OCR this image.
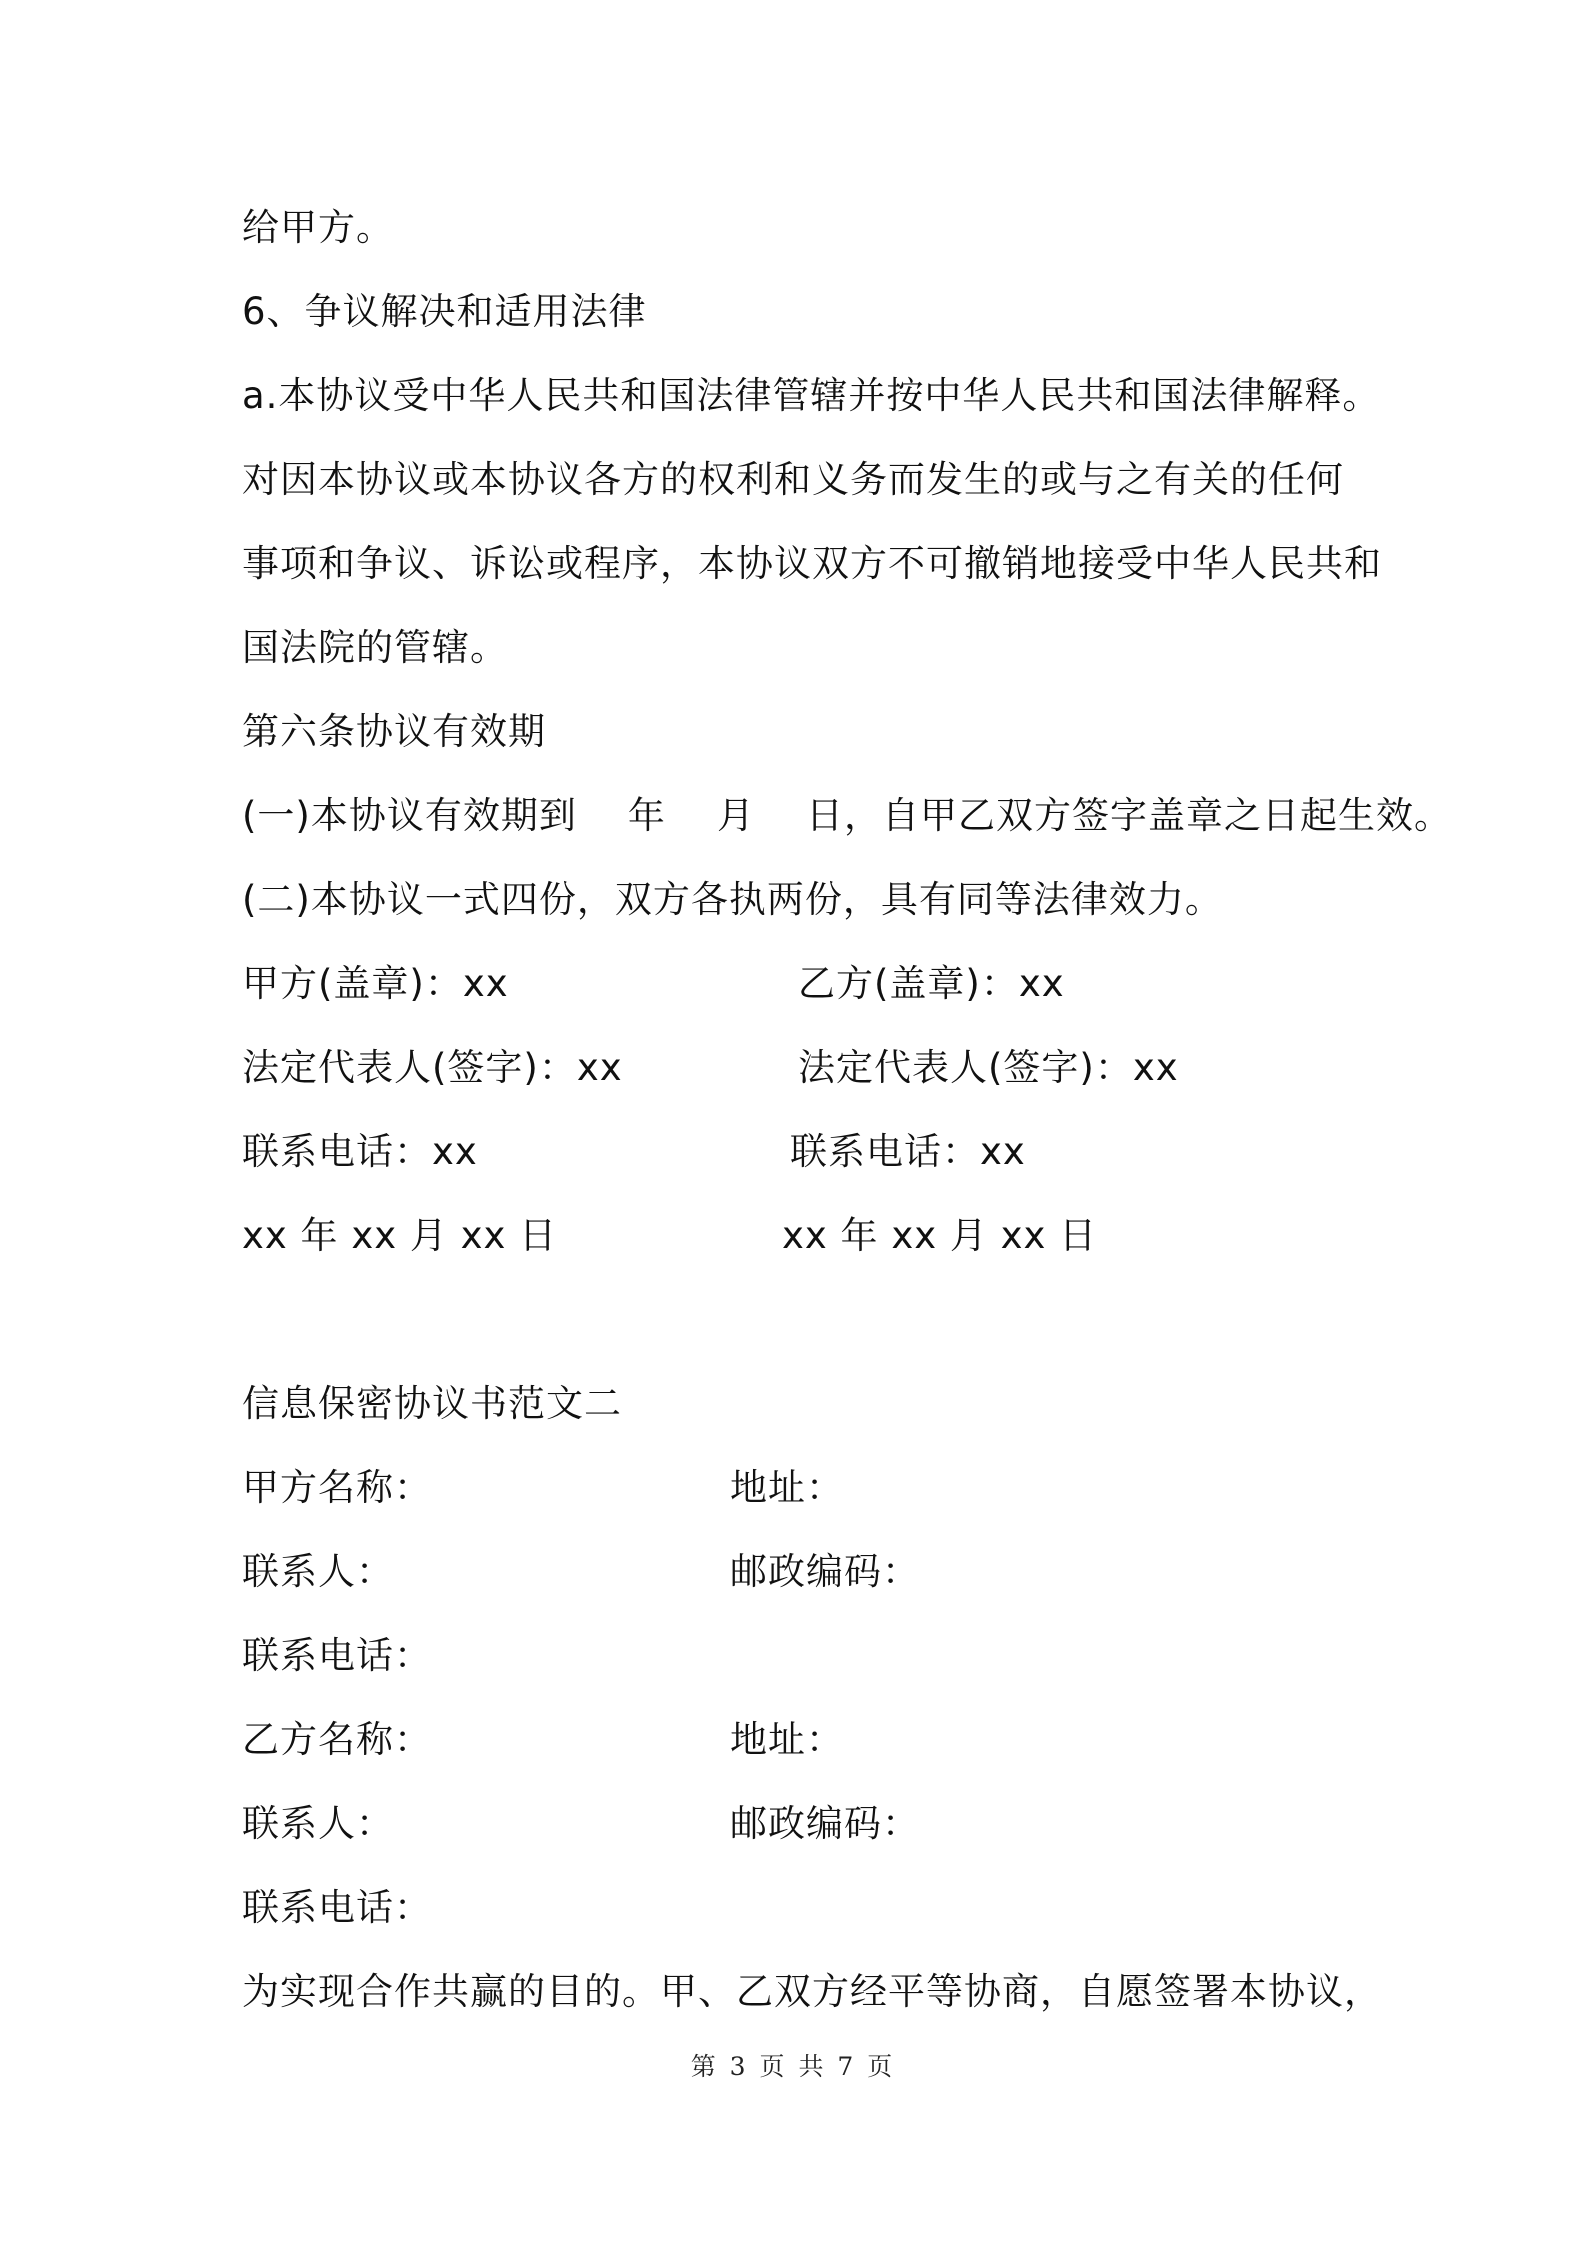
给甲方。
6、争议解决和适用法律
a.本协议受中华人民共和国法律管辖并按中华人民共和国法律解释。
对因本协议或本协议各方的权利和义务而发生的或与之有关的任何
事项和争议、诉讼或程序，本协议双方不可撤销地接受中华人民共和
国法院的管辖。
第六条协议有效期
(一)本协议有效期到    年    月    日，自甲乙双方签字盖章之日起生效。
(二)本协议一式四份，双方各执两份，具有同等法律效力。
甲方(盖章)：xx	乙方(盖章)：xx
法定代表人(签字)：xx	法定代表人(签字)：xx
联系电话：xx	联系电话：xx
xx 年 xx 月 xx 日	xx 年 xx 月 xx 日
信息保密协议书范文二
甲方名称：	地址：
联系人：	邮政编码：
联系电话：
乙方名称：	地址：
联系人：	邮政编码：
联系电话：
为实现合作共赢的目的。甲、乙双方经平等协商，自愿签署本协议，
第 3 页 共 7 页
